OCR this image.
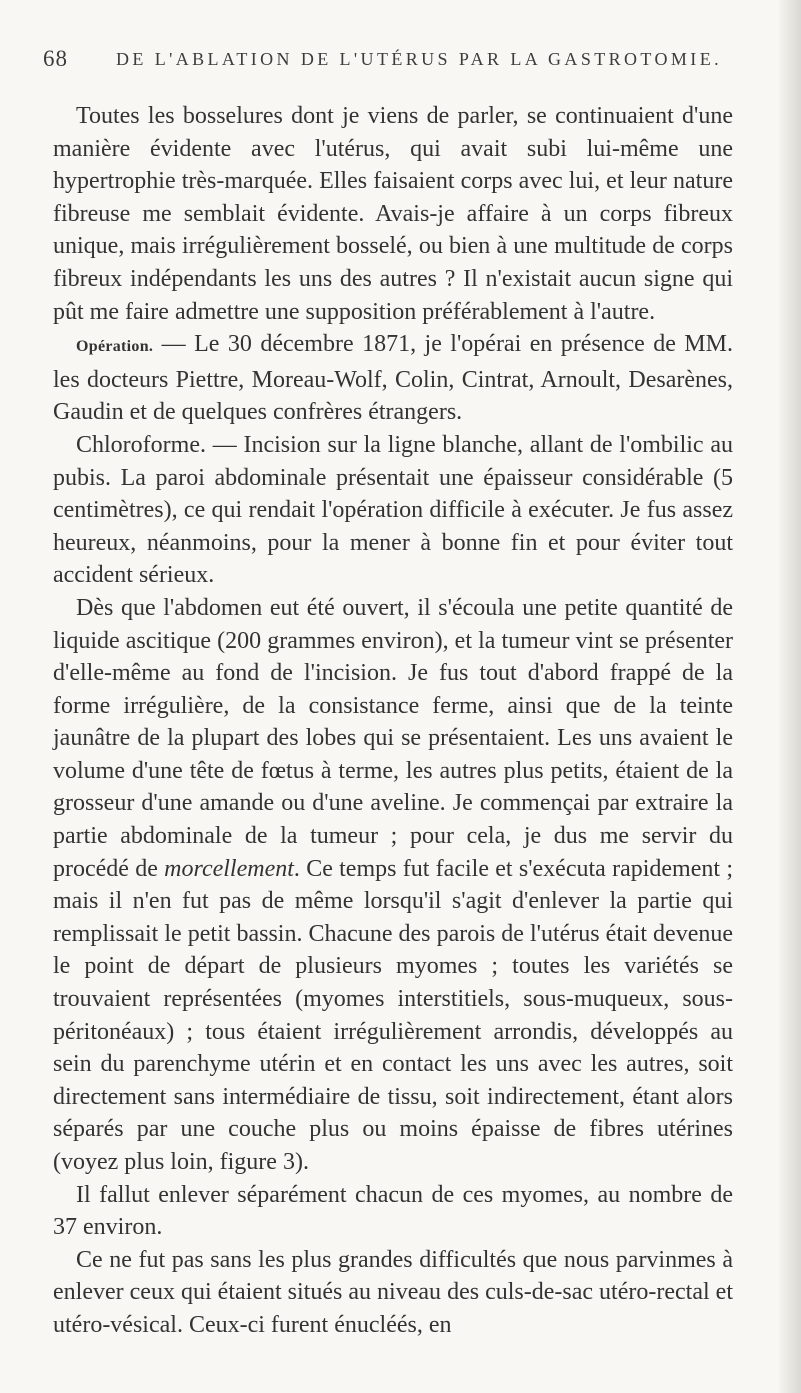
68	DE L'ABLATION DE L'UTÉRUS PAR LA GASTROTOMIE.

Toutes les bosselures dont je viens de parler, se continuaient d'une manière évidente avec l'utérus, qui avait subi lui-même une hypertrophie très-marquée. Elles faisaient corps avec lui, et leur nature fibreuse me semblait évidente. Avais-je affaire à un corps fibreux unique, mais irrégulièrement bosselé, ou bien à une multitude de corps fibreux indépendants les uns des autres ? Il n'existait aucun signe qui pût me faire admettre une supposition préférablement à l'autre.

Opération. — Le 30 décembre 1871, je l'opérai en présence de MM. les docteurs Piettre, Moreau-Wolf, Colin, Cintrat, Arnoult, Desarènes, Gaudin et de quelques confrères étrangers.

Chloroforme. — Incision sur la ligne blanche, allant de l'ombilic au pubis. La paroi abdominale présentait une épaisseur considérable (5 centimètres), ce qui rendait l'opération difficile à exécuter. Je fus assez heureux, néanmoins, pour la mener à bonne fin et pour éviter tout accident sérieux.

Dès que l'abdomen eut été ouvert, il s'écoula une petite quantité de liquide ascitique (200 grammes environ), et la tumeur vint se présenter d'elle-même au fond de l'incision. Je fus tout d'abord frappé de la forme irrégulière, de la consistance ferme, ainsi que de la teinte jaunâtre de la plupart des lobes qui se présentaient. Les uns avaient le volume d'une tête de fœtus à terme, les autres plus petits, étaient de la grosseur d'une amande ou d'une aveline. Je commençai par extraire la partie abdominale de la tumeur ; pour cela, je dus me servir du procédé de morcellement. Ce temps fut facile et s'exécuta rapidement ; mais il n'en fut pas de même lorsqu'il s'agit d'enlever la partie qui remplissait le petit bassin. Chacune des parois de l'utérus était devenue le point de départ de plusieurs myomes ; toutes les variétés se trouvaient représentées (myomes interstitiels, sous-muqueux, sous-péritonéaux) ; tous étaient irrégulièrement arrondis, développés au sein du parenchyme utérin et en contact les uns avec les autres, soit directement sans intermédiaire de tissu, soit indirectement, étant alors séparés par une couche plus ou moins épaisse de fibres utérines (voyez plus loin, figure 3).

Il fallut enlever séparément chacun de ces myomes, au nombre de 37 environ.

Ce ne fut pas sans les plus grandes difficultés que nous parvinmes à enlever ceux qui étaient situés au niveau des culs-de-sac utéro-rectal et utéro-vésical. Ceux-ci furent énucléés, en
